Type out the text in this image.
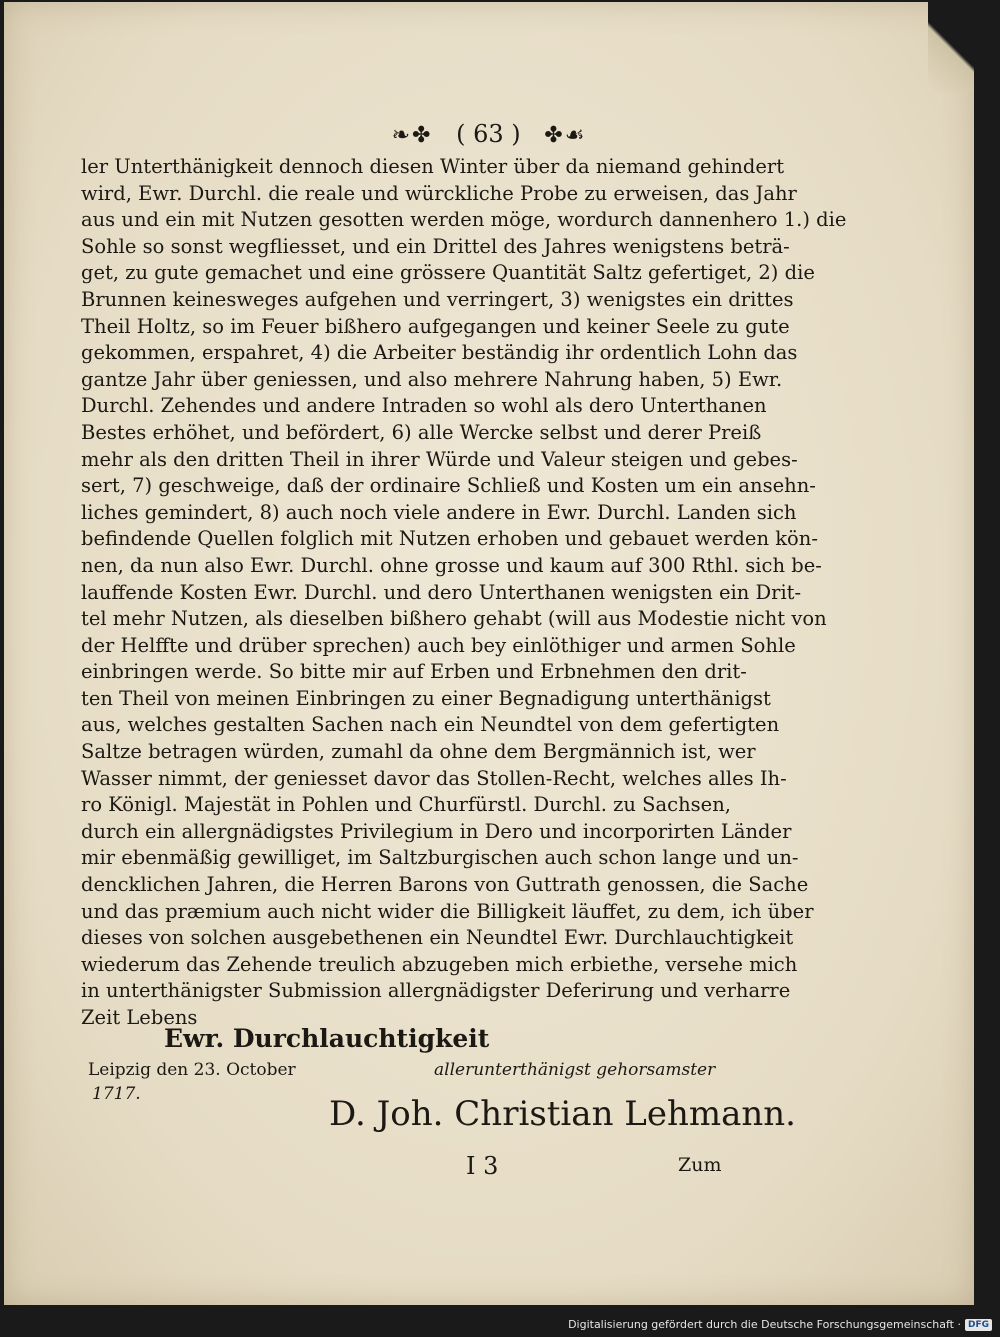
❧✤ ( 63 ) ✤☙
ler Unterthänigkeit dennoch diesen Winter über da niemand gehindert
wird, Ewr. Durchl. die reale und würckliche Probe zu erweisen, das Jahr
aus und ein mit Nutzen gesotten werden möge, wordurch dannenhero 1.) die
Sohle so sonst wegfliesset, und ein Drittel des Jahres wenigstens beträ-
get, zu gute gemachet und eine grössere Quantität Saltz gefertiget, 2) die
Brunnen keinesweges aufgehen und verringert, 3) wenigstes ein drittes
Theil Holtz, so im Feuer bißhero aufgegangen und keiner Seele zu gute
gekommen, erspahret, 4) die Arbeiter beständig ihr ordentlich Lohn das
gantze Jahr über geniessen, und also mehrere Nahrung haben, 5) Ewr.
Durchl. Zehendes und andere Intraden so wohl als dero Unterthanen
Bestes erhöhet, und befördert, 6) alle Wercke selbst und derer Preiß
mehr als den dritten Theil in ihrer Würde und Valeur steigen und gebes-
sert, 7) geschweige, daß der ordinaire Schließ und Kosten um ein ansehn-
liches gemindert, 8) auch noch viele andere in Ewr. Durchl. Landen sich
befindende Quellen folglich mit Nutzen erhoben und gebauet werden kön-
nen, da nun also Ewr. Durchl. ohne grosse und kaum auf 300 Rthl. sich be-
lauffende Kosten Ewr. Durchl. und dero Unterthanen wenigsten ein Drit-
tel mehr Nutzen, als dieselben bißhero gehabt (will aus Modestie nicht von
der Helffte und drüber sprechen) auch bey einlöthiger und armen Sohle
einbringen werde. So bitte mir auf Erben und Erbnehmen den drit-
ten Theil von meinen Einbringen zu einer Begnadigung unterthänigst
aus, welches gestalten Sachen nach ein Neundtel von dem gefertigten
Saltze betragen würden, zumahl da ohne dem Bergmännich ist, wer
Wasser nimmt, der geniesset davor das Stollen-Recht, welches alles Ih-
ro Königl. Majestät in Pohlen und Churfürstl. Durchl. zu Sachsen,
durch ein allergnädigstes Privilegium in Dero und incorporirten Länder
mir ebenmäßig gewilliget, im Saltzburgischen auch schon lange und un-
dencklichen Jahren, die Herren Barons von Guttrath genossen, die Sache
und das præmium auch nicht wider die Billigkeit läuffet, zu dem, ich über
dieses von solchen ausgebethenen ein Neundtel Ewr. Durchlauchtigkeit
wiederum das Zehende treulich abzugeben mich erbiethe, versehe mich
in unterthänigster Submission allergnädigster Deferirung und verharre
Zeit Lebens
Ewr. Durchlauchtigkeit
Leipzig den 23. October	allerunterthänigst gehorsamster
1717.	D. Joh. Christian Lehmann.
I 3	Zum
Digitalisierung gefördert durch die Deutsche Forschungsgemeinschaft · DFG
